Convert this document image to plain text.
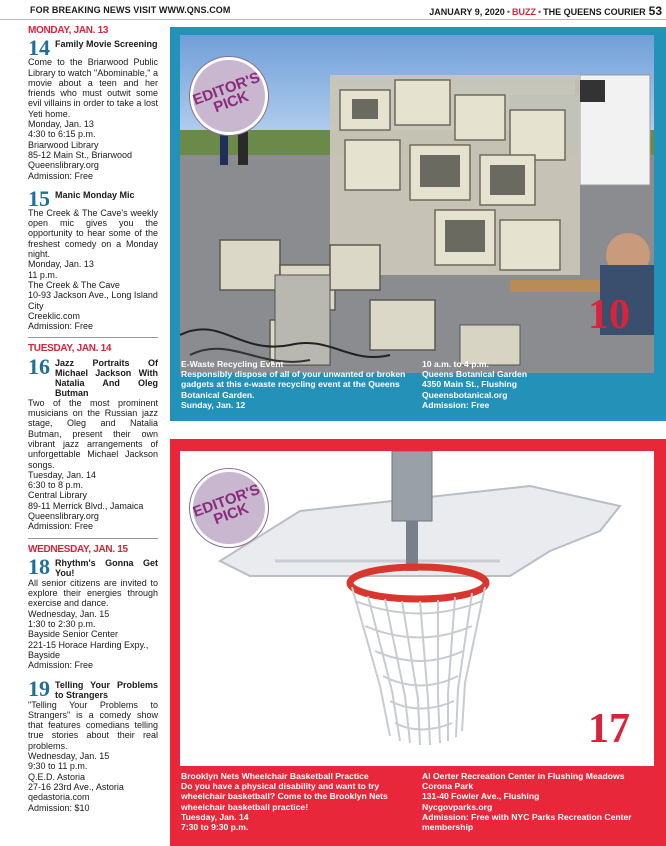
FOR BREAKING NEWS VISIT WWW.QNS.COM	JANUARY 9, 2020 • BUZZ • THE QUEENS COURIER 53
MONDAY, JAN. 13
14 Family Movie Screening
Come to the Briarwood Public Library to watch "Abominable," a movie about a teen and her friends who must outwit some evil villains in order to take a lost Yeti home.
Monday, Jan. 13
4:30 to 6:15 p.m.
Briarwood Library
85-12 Main St., Briarwood
Queenslibrary.org
Admission: Free
15 Manic Monday Mic
The Creek & The Cave's weekly open mic gives you the opportunity to hear some of the freshest comedy on a Monday night.
Monday, Jan. 13
11 p.m.
The Creek & The Cave
10-93 Jackson Ave., Long Island City
Creeklic.com
Admission: Free
TUESDAY, JAN. 14
16 Jazz Portraits Of Michael Jackson With Natalia And Oleg Butman
Two of the most prominent musicians on the Russian jazz stage, Oleg and Natalia Butman, present their own vibrant jazz arrangements of unforgettable Michael Jackson songs.
Tuesday, Jan. 14
6:30 to 8 p.m.
Central Library
89-11 Merrick Blvd., Jamaica
Queenslibrary.org
Admission: Free
WEDNESDAY, JAN. 15
18 Rhythm's Gonna Get You!
All senior citizens are invited to explore their energies through exercise and dance.
Wednesday, Jan. 15
1:30 to 2:30 p.m.
Bayside Senior Center
221-15 Horace Harding Expy., Bayside
Admission: Free
19 Telling Your Problems to Strangers
"Telling Your Problems to Strangers" is a comedy show that features comedians telling true stories about their real problems.
Wednesday, Jan. 15
9:30 to 11 p.m.
Q.E.D. Astoria
27-16 23rd Ave., Astoria
qedastoria.com
Admission: $10
EDITOR'S PICK
10
E-Waste Recycling Event
Responsibly dispose of all of your unwanted or broken gadgets at this e-waste recycling event at the Queens Botanical Garden.
Sunday, Jan. 12
10 a.m. to 4 p.m.
Queens Botanical Garden
4350 Main St., Flushing
Queensbotanical.org
Admission: Free
EDITOR'S PICK
17
Brooklyn Nets Wheelchair Basketball Practice
Do you have a physical disability and want to try wheelchair basketball? Come to the Brooklyn Nets wheelchair basketball practice!
Tuesday, Jan. 14
7:30 to 9:30 p.m.
Al Oerter Recreation Center in Flushing Meadows Corona Park
131-40 Fowler Ave., Flushing
Nycgovparks.org
Admission: Free with NYC Parks Recreation Center membership
